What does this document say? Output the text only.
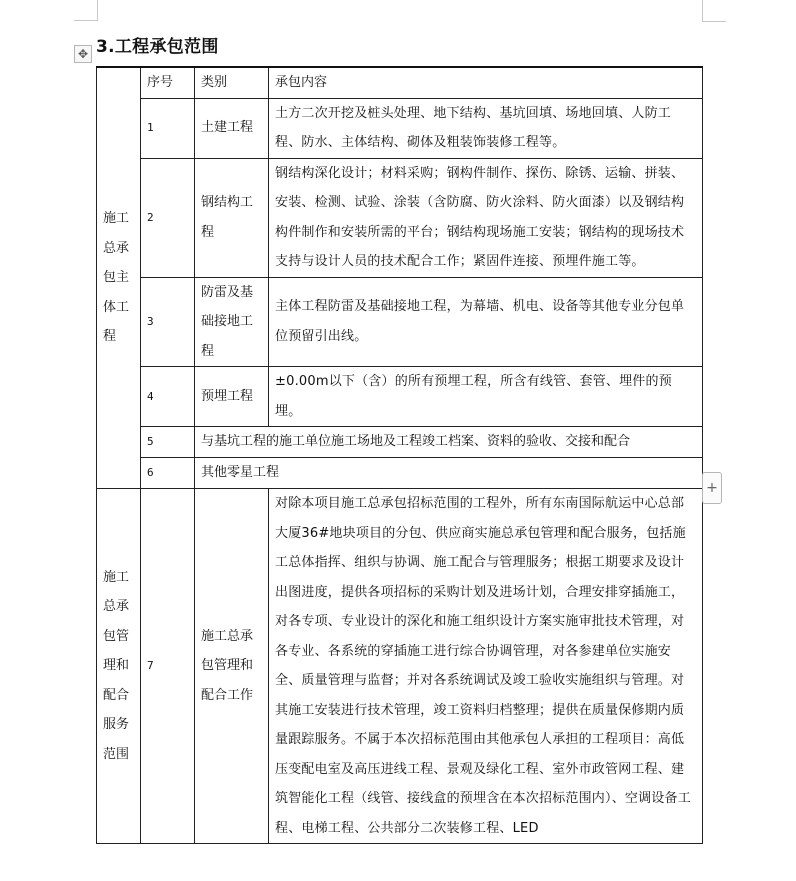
3.工程承包范围
✥
施工总承包主体工程	序号	类别	承包内容
	1	土建工程	土方二次开挖及桩头处理、地下结构、基坑回填、场地回填、人防工程、防水、主体结构、砌体及粗装饰装修工程等。
	2	钢结构工程	钢结构深化设计；材料采购；钢构件制作、探伤、除锈、运输、拼装、安装、检测、试验、涂装（含防腐、防火涂料、防火面漆）以及钢结构构件制作和安装所需的平台；钢结构现场施工安装；钢结构的现场技术支持与设计人员的技术配合工作；紧固件连接、预埋件施工等。
	3	防雷及基础接地工程	主体工程防雷及基础接地工程，为幕墙、机电、设备等其他专业分包单位预留引出线。
	4	预埋工程	±0.00m以下（含）的所有预埋工程，所含有线管、套管、埋件的预埋。
	5	与基坑工程的施工单位施工场地及工程竣工档案、资料的验收、交接和配合	
	6	其他零星工程	
施工总承包管理和配合服务范围	7	施工总承包管理和配合工作	对除本项目施工总承包招标范围的工程外，所有东南国际航运中心总部大厦36#地块项目的分包、供应商实施总承包管理和配合服务，包括施工总体指挥、组织与协调、施工配合与管理服务；根据工期要求及设计出图进度，提供各项招标的采购计划及进场计划，合理安排穿插施工，对各专项、专业设计的深化和施工组织设计方案实施审批技术管理，对各专业、各系统的穿插施工进行综合协调管理，对各参建单位实施安全、质量管理与监督；并对各系统调试及竣工验收实施组织与管理。对其施工安装进行技术管理，竣工资料归档整理；提供在质量保修期内质量跟踪服务。不属于本次招标范围由其他承包人承担的工程项目：高低压变配电室及高压进线工程、景观及绿化工程、室外市政管网工程、建筑智能化工程（线管、接线盒的预埋含在本次招标范围内）、空调设备工程、电梯工程、公共部分二次装修工程、LED
+
